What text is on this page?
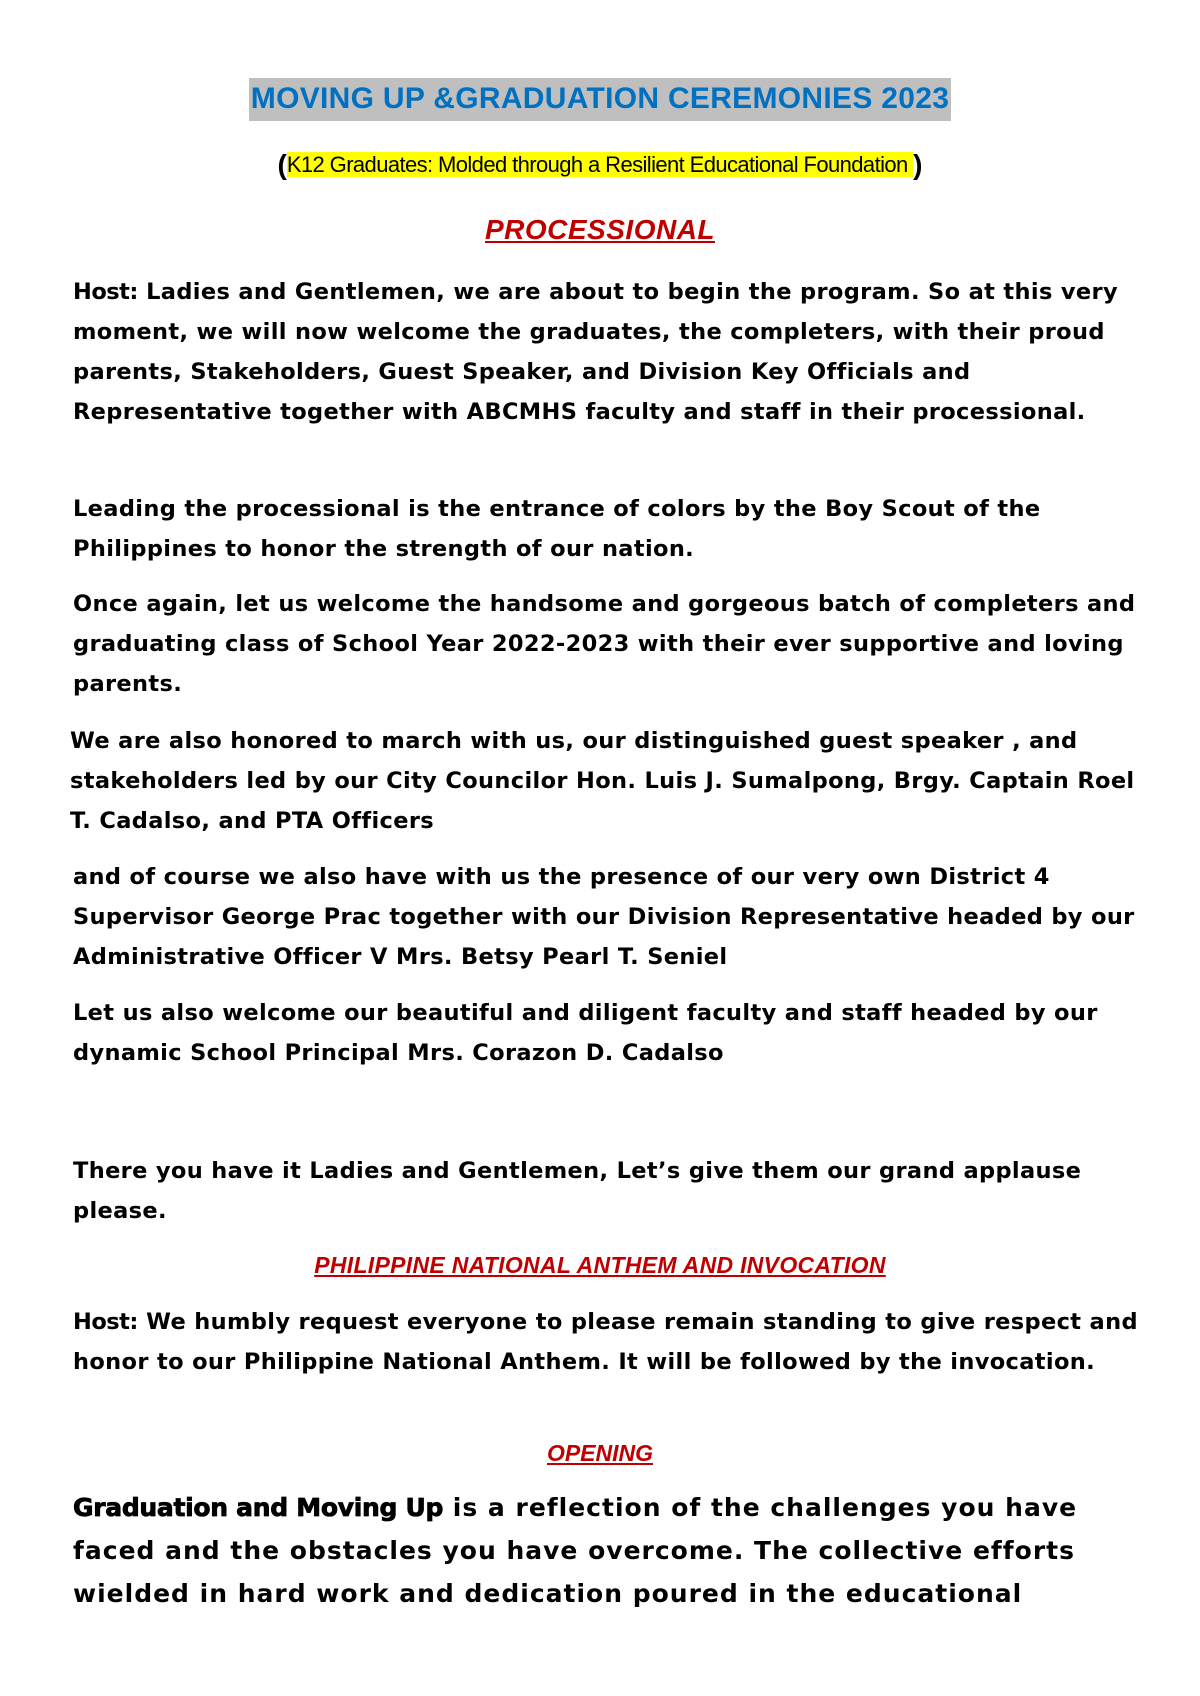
MOVING UP &GRADUATION CEREMONIES 2023
(K12 Graduates: Molded through a Resilient Educational Foundation )
PROCESSIONAL

Host: Ladies and Gentlemen, we are about to begin the program. So at this very moment, we will now welcome the graduates, the completers, with their proud parents, Stakeholders, Guest Speaker, and Division Key Officials and Representative together with ABCMHS faculty and staff in their processional.

Leading the processional is the entrance of colors by the Boy Scout of the Philippines to honor the strength of our nation.

Once again, let us welcome the handsome and gorgeous batch of completers and graduating class of School Year 2022-2023 with their ever supportive and loving parents.

We are also honored to march with us, our distinguished guest speaker , and stakeholders led by our City Councilor Hon. Luis J. Sumalpong, Brgy. Captain Roel T. Cadalso, and PTA Officers

and of course we also have with us the presence of our very own District 4 Supervisor George Prac together with our Division Representative headed by our Administrative Officer V Mrs. Betsy Pearl T. Seniel

Let us also welcome our beautiful and diligent faculty and staff headed by our dynamic School Principal Mrs. Corazon D. Cadalso

There you have it Ladies and Gentlemen, Let’s give them our grand applause please.

PHILIPPINE NATIONAL ANTHEM AND INVOCATION

Host: We humbly request everyone to please remain standing to give respect and honor to our Philippine National Anthem. It will be followed by the invocation.

OPENING

Graduation and Moving Up is a reflection of the challenges you have faced and the obstacles you have overcome. The collective efforts wielded in hard work and dedication poured in the educational
